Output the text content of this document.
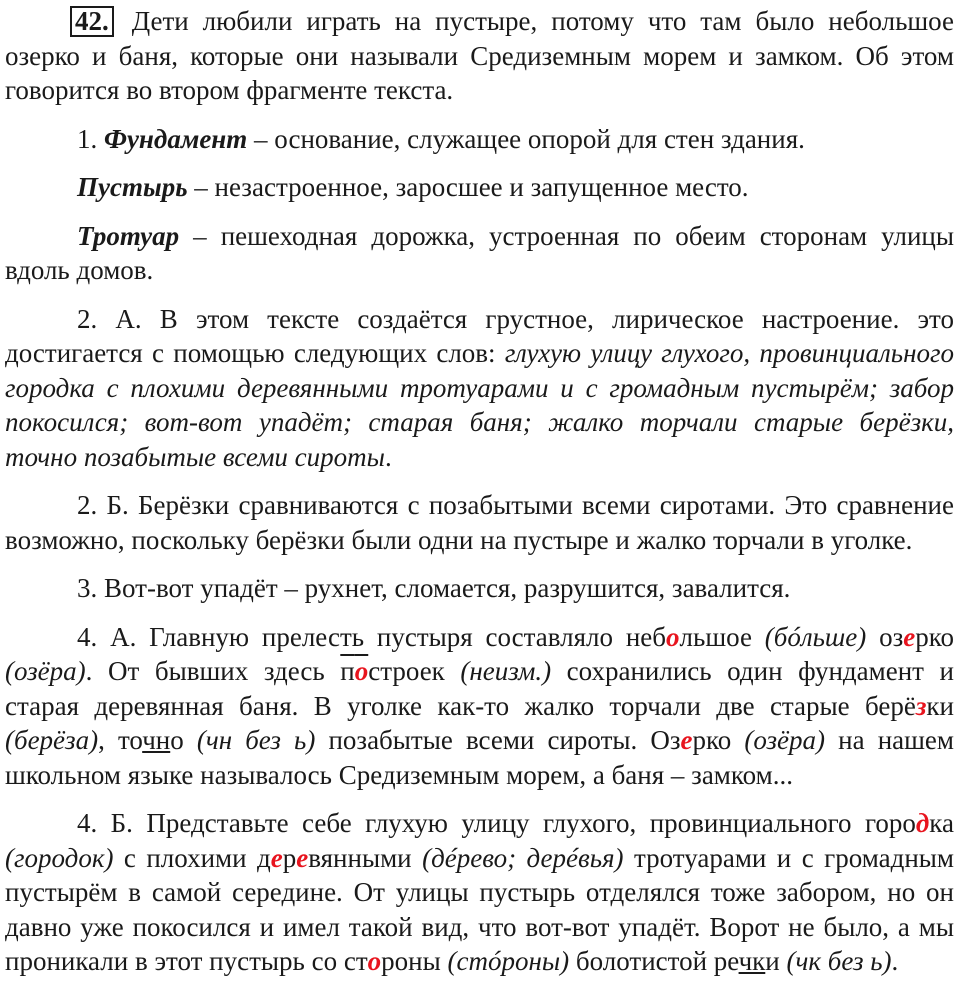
42. Дети любили играть на пустыре, потому что там было небольшое озерко и баня, которые они называли Средиземным морем и замком. Об этом говорится во втором фрагменте текста.

1. Фундамент – основание, служащее опорой для стен здания.

Пустырь – незастроенное, заросшее и запущенное место.

Тротуар – пешеходная дорожка, устроенная по обеим сторонам улицы вдоль домов.

2. А. В этом тексте создаётся грустное, лирическое настроение. это достигается с помощью следующих слов: глухую улицу глухого, провинциального городка с плохими деревянными тротуарами и с громадным пустырём; забор покосился; вот-вот упадёт; старая баня; жалко торчали старые берёзки, точно позабытые всеми сироты.

2. Б. Берёзки сравниваются с позабытыми всеми сиротами. Это сравнение возможно, поскольку берёзки были одни на пустыре и жалко торчали в уголке.

3. Вот-вот упадёт – рухнет, сломается, разрушится, завалится.

4. А. Главную прелесть пустыря составляло небольшое (бóльше) озерко (озёра). От бывших здесь построек (неизм.) сохранились один фундамент и старая деревянная баня. В уголке как-то жалко торчали две старые берёзки (берёза), точно (чн без ь) позабытые всеми сироты. Озерко (озёра) на нашем школьном языке называлось Средиземным морем, а баня – замком...

4. Б. Представьте себе глухую улицу глухого, провинциального городка (городок) с плохими деревянными (дéрево; дерéвья) тротуарами и с громадным пустырём в самой середине. От улицы пустырь отделялся тоже забором, но он давно уже покосился и имел такой вид, что вот-вот упадёт. Ворот не было, а мы проникали в этот пустырь со стороны (стóроны) болотистой речки (чк без ь).
